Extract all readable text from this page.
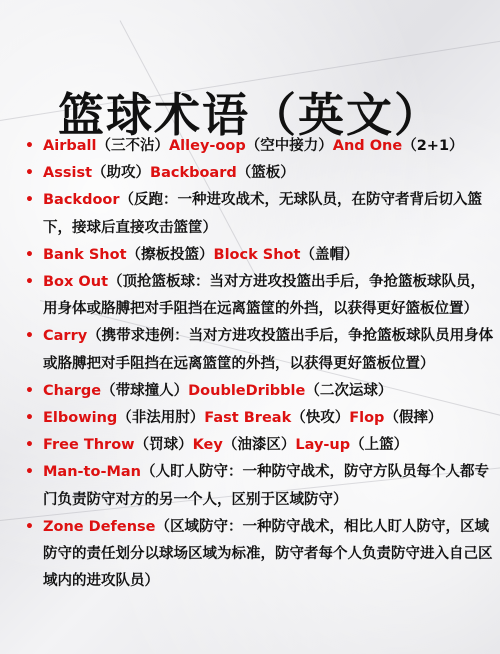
篮球术语（英文）
• Airball（三不沾）Alley-oop（空中接力）And One（2+1）
• Assist（助攻）Backboard（篮板）
• Backdoor（反跑：一种进攻战术，无球队员，在防守者背后切入篮下，接球后直接攻击篮筐）
• Bank Shot（擦板投篮）Block Shot（盖帽）
• Box Out（顶抢篮板球：当对方进攻投篮出手后，争抢篮板球队员，用身体或胳膊把对手阻挡在远离篮筐的外挡，以获得更好篮板位置）
• Carry（携带求违例：当对方进攻投篮出手后，争抢篮板球队员用身体或胳膊把对手阻挡在远离篮筐的外挡，以获得更好篮板位置）
• Charge（带球撞人）DoubleDribble（二次运球）
• Elbowing（非法用肘）Fast Break（快攻）Flop（假摔）
• Free Throw（罚球）Key（油漆区）Lay-up（上篮）
• Man-to-Man（人盯人防守：一种防守战术，防守方队员每个人都专门负责防守对方的另一个人，区别于区域防守）
• Zone Defense（区域防守：一种防守战术，相比人盯人防守，区域防守的责任划分以球场区域为标准，防守者每个人负责防守进入自己区域内的进攻队员）
